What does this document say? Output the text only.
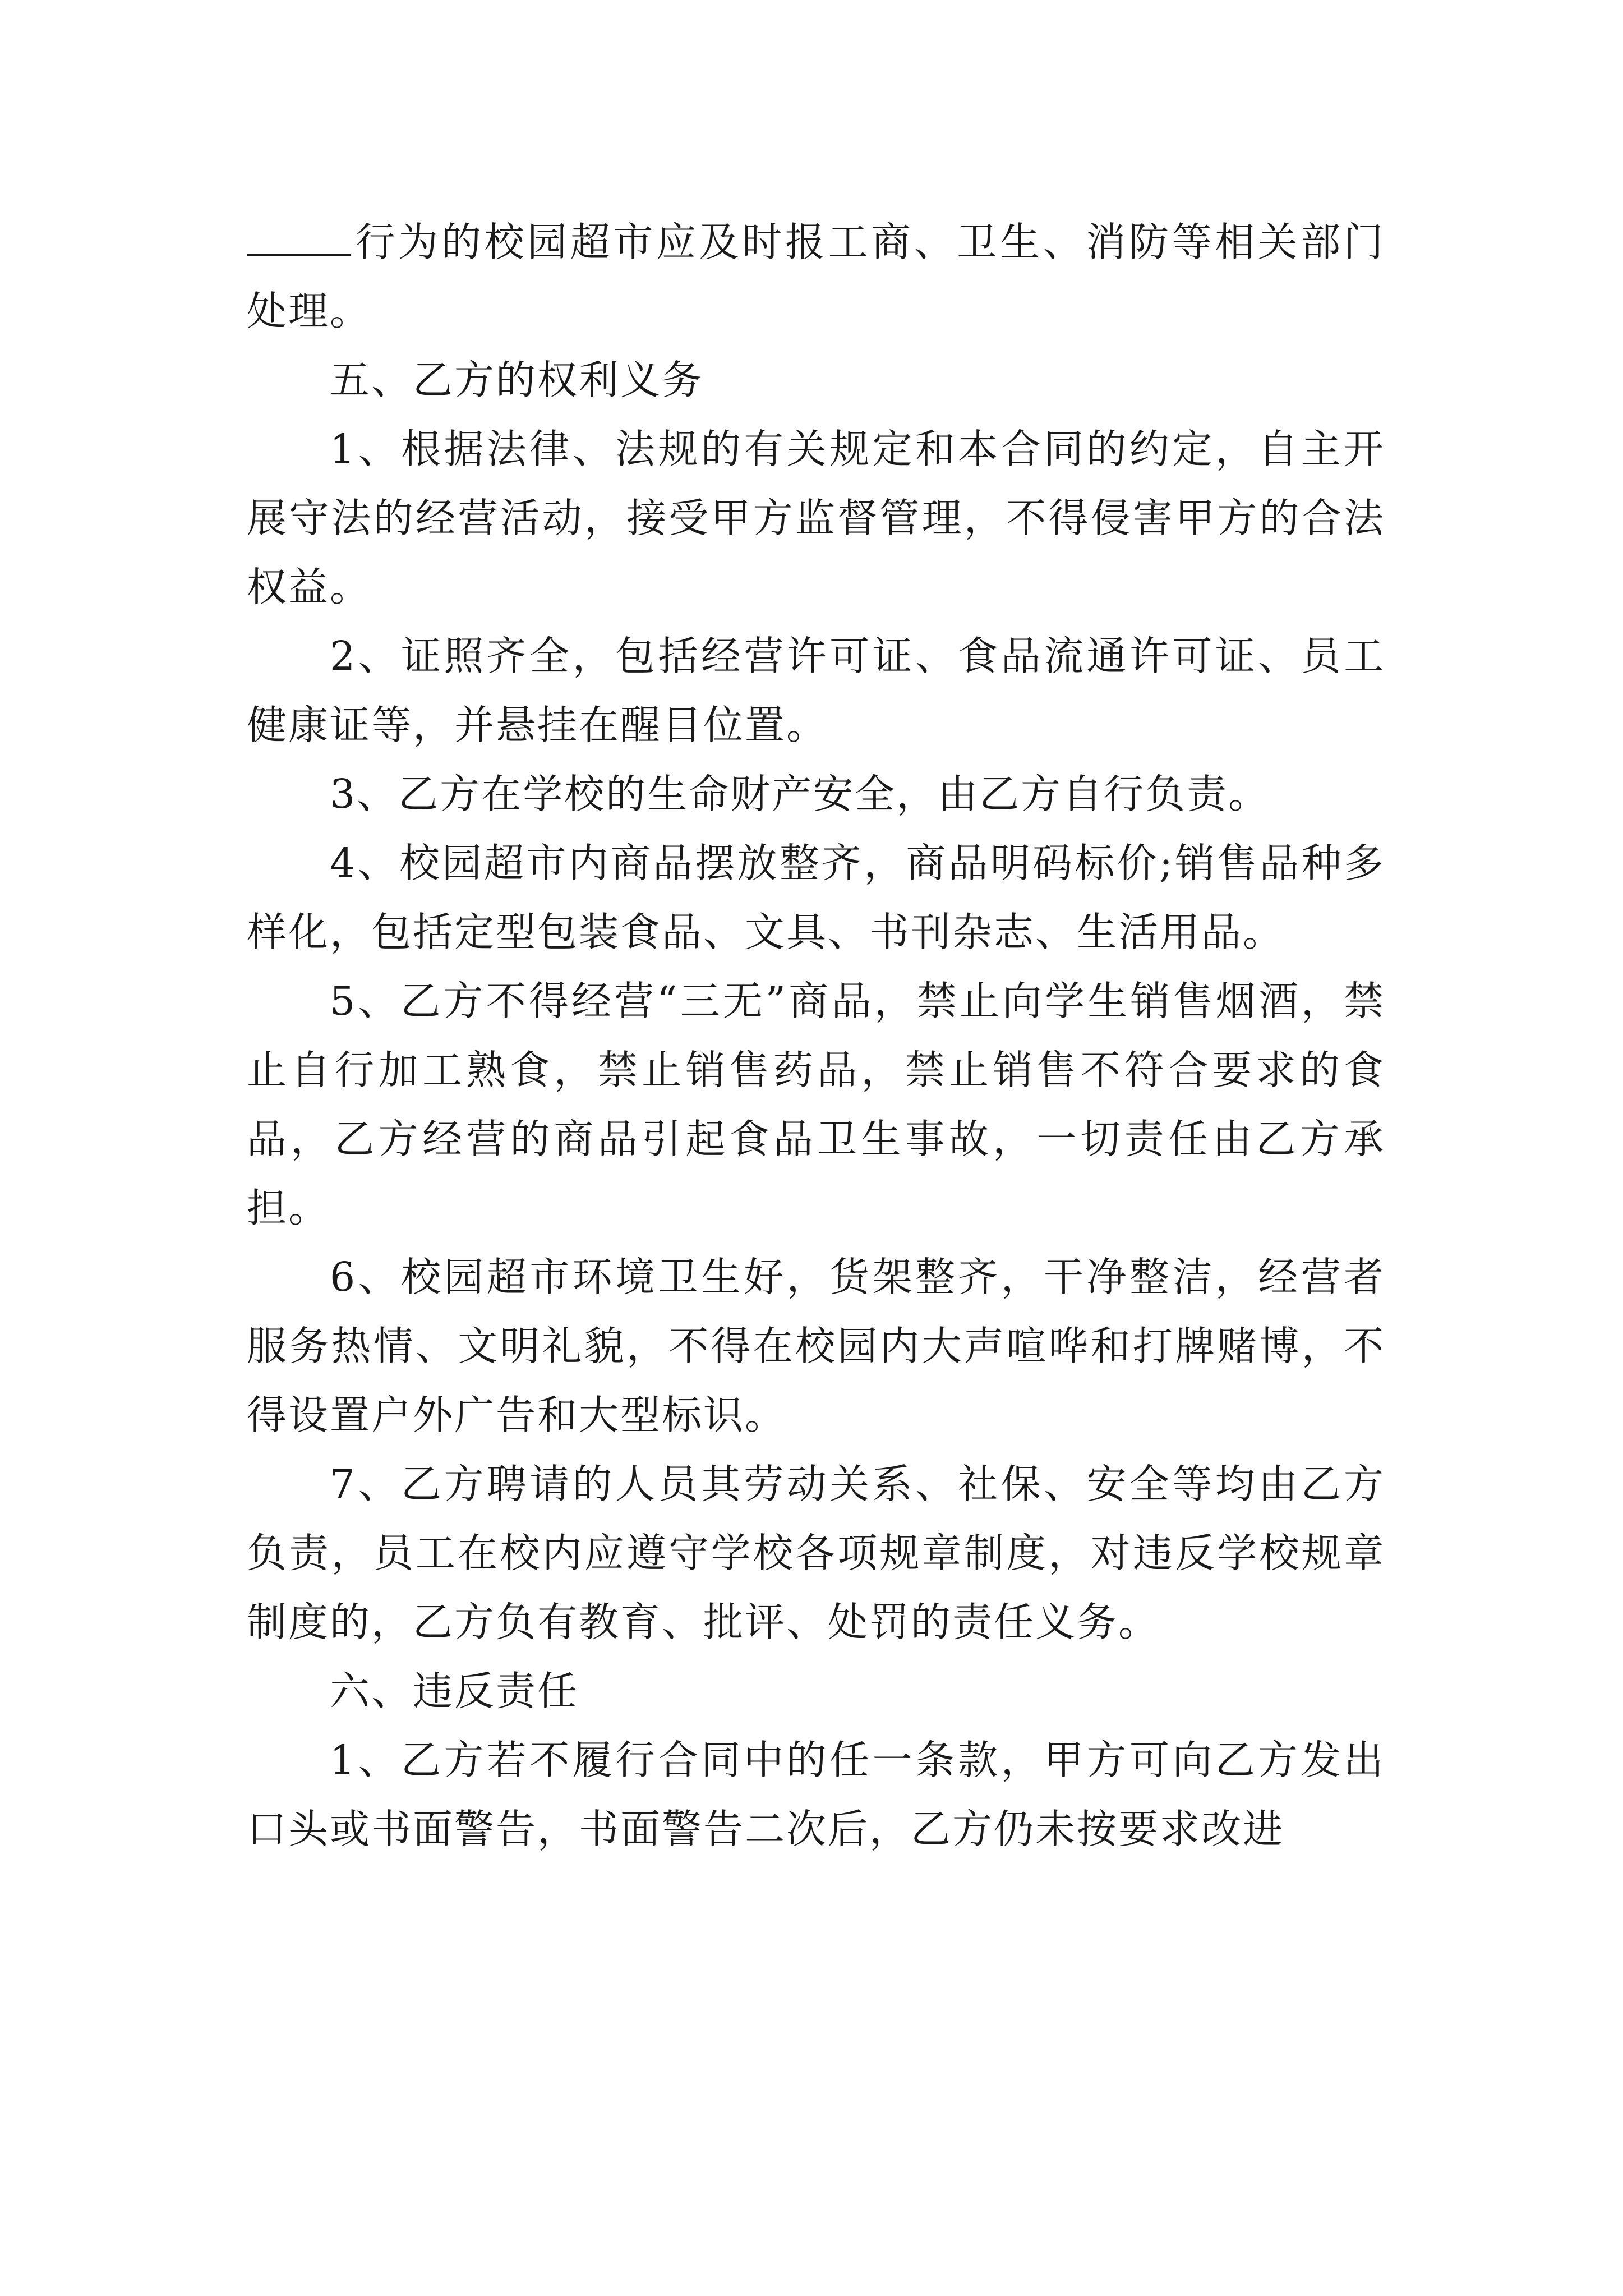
行为的校园超市应及时报工商、卫生、消防等相关部门处理。

五、乙方的权利义务

1、根据法律、法规的有关规定和本合同的约定，自主开展守法的经营活动，接受甲方监督管理，不得侵害甲方的合法权益。

2、证照齐全，包括经营许可证、食品流通许可证、员工健康证等，并悬挂在醒目位置。

3、乙方在学校的生命财产安全，由乙方自行负责。

4、校园超市内商品摆放整齐，商品明码标价;销售品种多样化，包括定型包装食品、文具、书刊杂志、生活用品。

5、乙方不得经营“三无”商品，禁止向学生销售烟酒，禁止自行加工熟食，禁止销售药品，禁止销售不符合要求的食品，乙方经营的商品引起食品卫生事故，一切责任由乙方承担。

6、校园超市环境卫生好，货架整齐，干净整洁，经营者服务热情、文明礼貌，不得在校园内大声喧哗和打牌赌博，不得设置户外广告和大型标识。

7、乙方聘请的人员其劳动关系、社保、安全等均由乙方负责，员工在校内应遵守学校各项规章制度，对违反学校规章制度的，乙方负有教育、批评、处罚的责任义务。

六、违反责任

1、乙方若不履行合同中的任一条款，甲方可向乙方发出口头或书面警告，书面警告二次后，乙方仍未按要求改进
